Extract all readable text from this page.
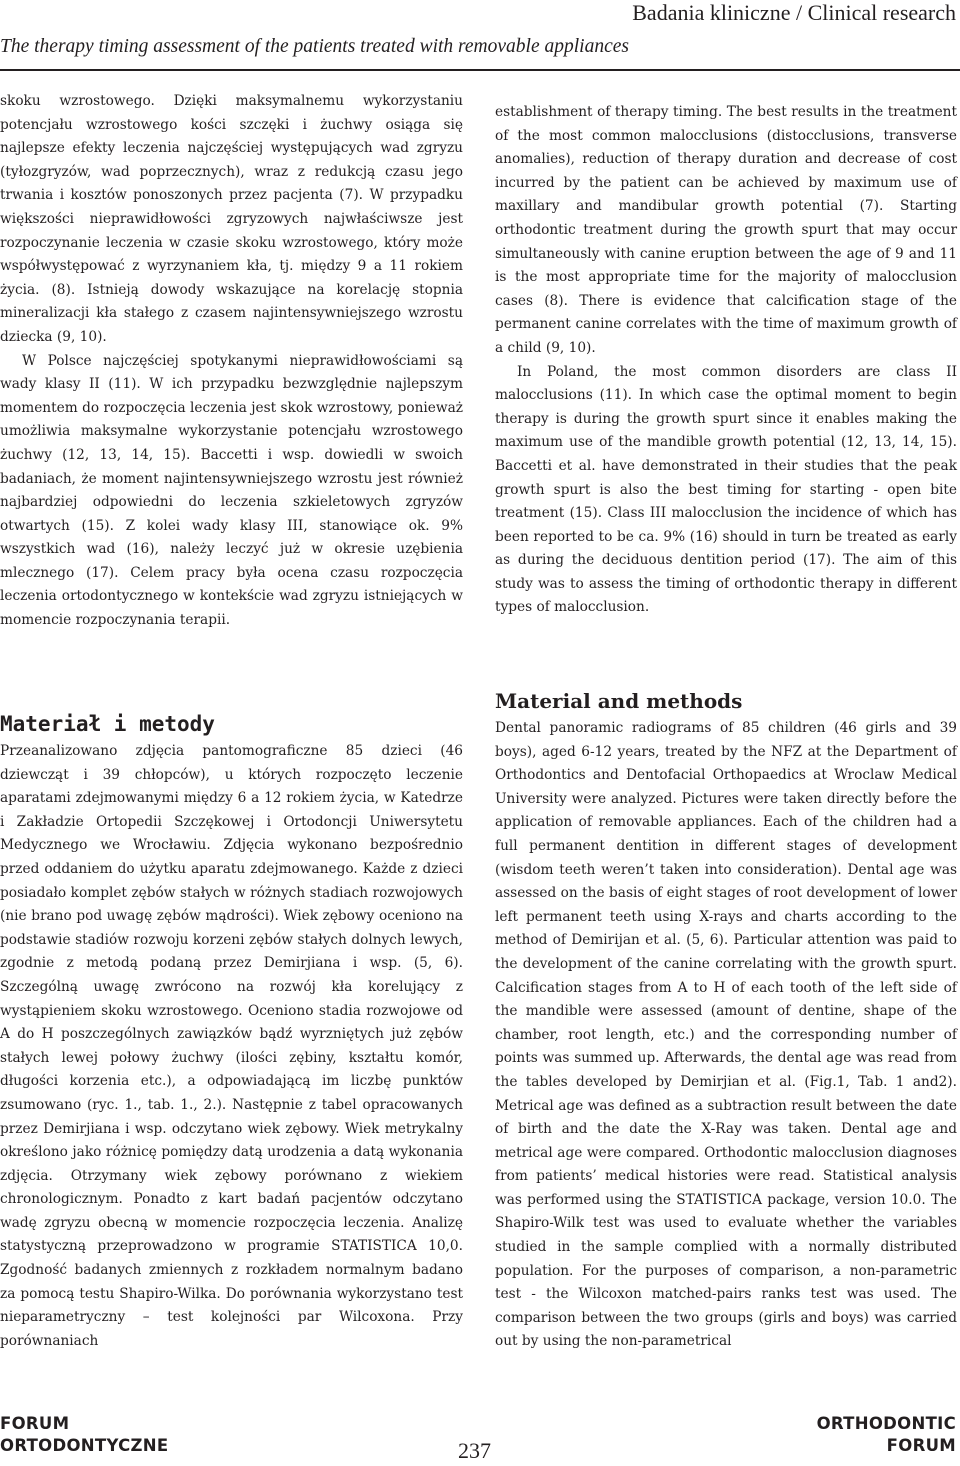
Badania kliniczne / Clinical research
The therapy timing assessment of the patients treated with removable appliances

skoku wzrostowego. Dzięki maksymalnemu wykorzystaniu potencjału wzrostowego kości szczęki i żuchwy osiąga się najlepsze efekty leczenia najczęściej występujących wad zgryzu (tyłozgryzów, wad poprzecznych), wraz z redukcją czasu jego trwania i kosztów ponoszonych przez pacjenta (7). W przypadku większości nieprawidłowości zgryzowych najwłaściwsze jest rozpoczynanie leczenia w czasie skoku wzrostowego, który może współwystępować z wyrzynaniem kła, tj. między 9 a 11 rokiem życia. (8). Istnieją dowody wskazujące na korelację stopnia mineralizacji kła stałego z czasem najintensywniejszego wzrostu dziecka (9, 10).

W Polsce najczęściej spotykanymi nieprawidłowościami są wady klasy II (11). W ich przypadku bezwzględnie najlepszym momentem do rozpoczęcia leczenia jest skok wzrostowy, ponieważ umożliwia maksymalne wykorzystanie potencjału wzrostowego żuchwy (12, 13, 14, 15). Baccetti i wsp. dowiedli w swoich badaniach, że moment najintensywniejszego wzrostu jest również najbardziej odpowiedni do leczenia szkieletowych zgryzów otwartych (15). Z kolei wady klasy III, stanowiące ok. 9% wszystkich wad (16), należy leczyć już w okresie uzębienia mlecznego (17). Celem pracy była ocena czasu rozpoczęcia leczenia ortodontycznego w kontekście wad zgryzu istniejących w momencie rozpoczynania terapii.

establishment of therapy timing. The best results in the treatment of the most common malocclusions (distocclusions, transverse anomalies), reduction of therapy duration and decrease of cost incurred by the patient can be achieved by maximum use of maxillary and mandibular growth potential (7). Starting orthodontic treatment during the growth spurt that may occur simultaneously with canine eruption between the age of 9 and 11 is the most appropriate time for the majority of malocclusion cases (8). There is evidence that calcification stage of the permanent canine correlates with the time of maximum growth of a child (9, 10).

In Poland, the most common disorders are class II malocclusions (11). In which case the optimal moment to begin therapy is during the growth spurt since it enables making the maximum use of the mandible growth potential (12, 13, 14, 15). Baccetti et al. have demonstrated in their studies that the peak growth spurt is also the best timing for starting - open bite treatment (15). Class III malocclusion the incidence of which has been reported to be ca. 9% (16) should in turn be treated as early as during the deciduous dentition period (17). The aim of this study was to assess the timing of orthodontic therapy in different types of malocclusion.

Materiał i metody
Material and methods

Przeanalizowano zdjęcia pantomograficzne 85 dzieci (46 dziewcząt i 39 chłopców), u których rozpoczęto leczenie aparatami zdejmowanymi między 6 a 12 rokiem życia, w Katedrze i Zakładzie Ortopedii Szczękowej i Ortodoncji Uniwersytetu Medycznego we Wrocławiu. Zdjęcia wykonano bezpośrednio przed oddaniem do użytku aparatu zdejmowanego. Każde z dzieci posiadało komplet zębów stałych w różnych stadiach rozwojowych (nie brano pod uwagę zębów mądrości). Wiek zębowy oceniono na podstawie stadiów rozwoju korzeni zębów stałych dolnych lewych, zgodnie z metodą podaną przez Demirjiana i wsp. (5, 6). Szczególną uwagę zwrócono na rozwój kła korelujący z wystąpieniem skoku wzrostowego. Oceniono stadia rozwojowe od A do H poszczególnych zawiązków bądź wyrzniętych już zębów stałych lewej połowy żuchwy (ilości zębiny, kształtu komór, długości korzenia etc.), a odpowiadającą im liczbę punktów zsumowano (ryc. 1., tab. 1., 2.). Następnie z tabel opracowanych przez Demirjiana i wsp. odczytano wiek zębowy. Wiek metrykalny określono jako różnicę pomiędzy datą urodzenia a datą wykonania zdjęcia. Otrzymany wiek zębowy porównano z wiekiem chronologicznym. Ponadto z kart badań pacjentów odczytano wadę zgryzu obecną w momencie rozpoczęcia leczenia. Analizę statystyczną przeprowadzono w programie STATISTICA 10,0. Zgodność badanych zmiennych z rozkładem normalnym badano za pomocą testu Shapiro-Wilka. Do porównania wykorzystano test nieparametryczny – test kolejności par Wilcoxona. Przy porównaniach

Dental panoramic radiograms of 85 children (46 girls and 39 boys), aged 6-12 years, treated by the NFZ at the Department of Orthodontics and Dentofacial Orthopaedics at Wroclaw Medical University were analyzed. Pictures were taken directly before the application of removable appliances. Each of the children had a full permanent dentition in different stages of development (wisdom teeth weren’t taken into consideration). Dental age was assessed on the basis of eight stages of root development of lower left permanent teeth using X-rays and charts according to the method of Demirijan et al. (5, 6). Particular attention was paid to the development of the canine correlating with the growth spurt. Calcification stages from A to H of each tooth of the left side of the mandible were assessed (amount of dentine, shape of the chamber, root length, etc.) and the corresponding number of points was summed up. Afterwards, the dental age was read from the tables developed by Demirjian et al. (Fig.1, Tab. 1 and2). Metrical age was defined as a subtraction result between the date of birth and the date the X-Ray was taken. Dental age and metrical age were compared. Orthodontic malocclusion diagnoses from patients’ medical histories were read. Statistical analysis was performed using the STATISTICA package, version 10.0. The Shapiro-Wilk test was used to evaluate whether the variables studied in the sample complied with a normally distributed population. For the purposes of comparison, a non-parametric test - the Wilcoxon matched-pairs ranks test was used. The comparison between the two groups (girls and boys) was carried out by using the non-parametrical

FORUM
ORTODONTYCZNE	237
ORTHODONTIC
FORUM
